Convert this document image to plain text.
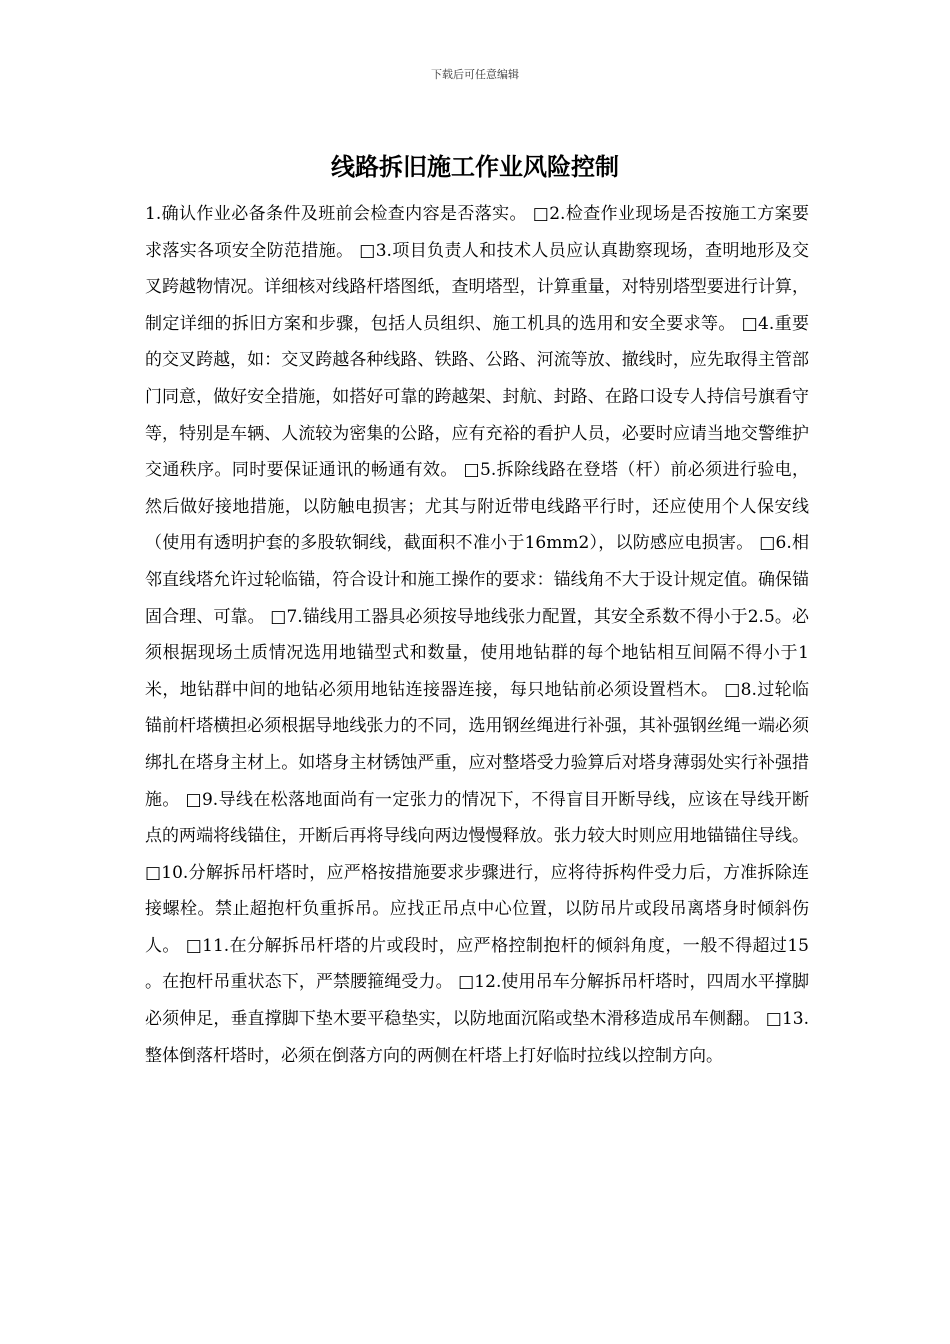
下载后可任意编辑
线路拆旧施工作业风险控制

1.确认作业必备条件及班前会检查内容是否落实。 □2.检查作业现场是否按施工方案要求落实各项安全防范措施。 □3.项目负责人和技术人员应认真勘察现场，查明地形及交叉跨越物情况。详细核对线路杆塔图纸，查明塔型，计算重量，对特别塔型要进行计算，制定详细的拆旧方案和步骤，包括人员组织、施工机具的选用和安全要求等。 □4.重要的交叉跨越，如：交叉跨越各种线路、铁路、公路、河流等放、撤线时，应先取得主管部门同意，做好安全措施，如搭好可靠的跨越架、封航、封路、在路口设专人持信号旗看守等，特别是车辆、人流较为密集的公路，应有充裕的看护人员，必要时应请当地交警维护交通秩序。同时要保证通讯的畅通有效。 □5.拆除线路在登塔（杆）前必须进行验电，然后做好接地措施，以防触电损害；尤其与附近带电线路平行时，还应使用个人保安线（使用有透明护套的多股软铜线，截面积不准小于16mm2），以防感应电损害。 □6.相邻直线塔允许过轮临锚，符合设计和施工操作的要求：锚线角不大于设计规定值。确保锚固合理、可靠。 □7.锚线用工器具必须按导地线张力配置，其安全系数不得小于2.5。必须根据现场土质情况选用地锚型式和数量，使用地钻群的每个地钻相互间隔不得小于1米，地钻群中间的地钻必须用地钻连接器连接，每只地钻前必须设置档木。 □8.过轮临锚前杆塔横担必须根据导地线张力的不同，选用钢丝绳进行补强，其补强钢丝绳一端必须绑扎在塔身主材上。如塔身主材锈蚀严重，应对整塔受力验算后对塔身薄弱处实行补强措施。 □9.导线在松落地面尚有一定张力的情况下，不得盲目开断导线，应该在导线开断点的两端将线锚住，开断后再将导线向两边慢慢释放。张力较大时则应用地锚锚住导线。 □10.分解拆吊杆塔时，应严格按措施要求步骤进行，应将待拆构件受力后，方准拆除连接螺栓。禁止超抱杆负重拆吊。应找正吊点中心位置，以防吊片或段吊离塔身时倾斜伤人。 □11.在分解拆吊杆塔的片或段时，应严格控制抱杆的倾斜角度，一般不得超过15 。在抱杆吊重状态下，严禁腰箍绳受力。 □12.使用吊车分解拆吊杆塔时，四周水平撑脚必须伸足，垂直撑脚下垫木要平稳垫实，以防地面沉陷或垫木滑移造成吊车侧翻。 □13.整体倒落杆塔时，必须在倒落方向的两侧在杆塔上打好临时拉线以控制方向。
